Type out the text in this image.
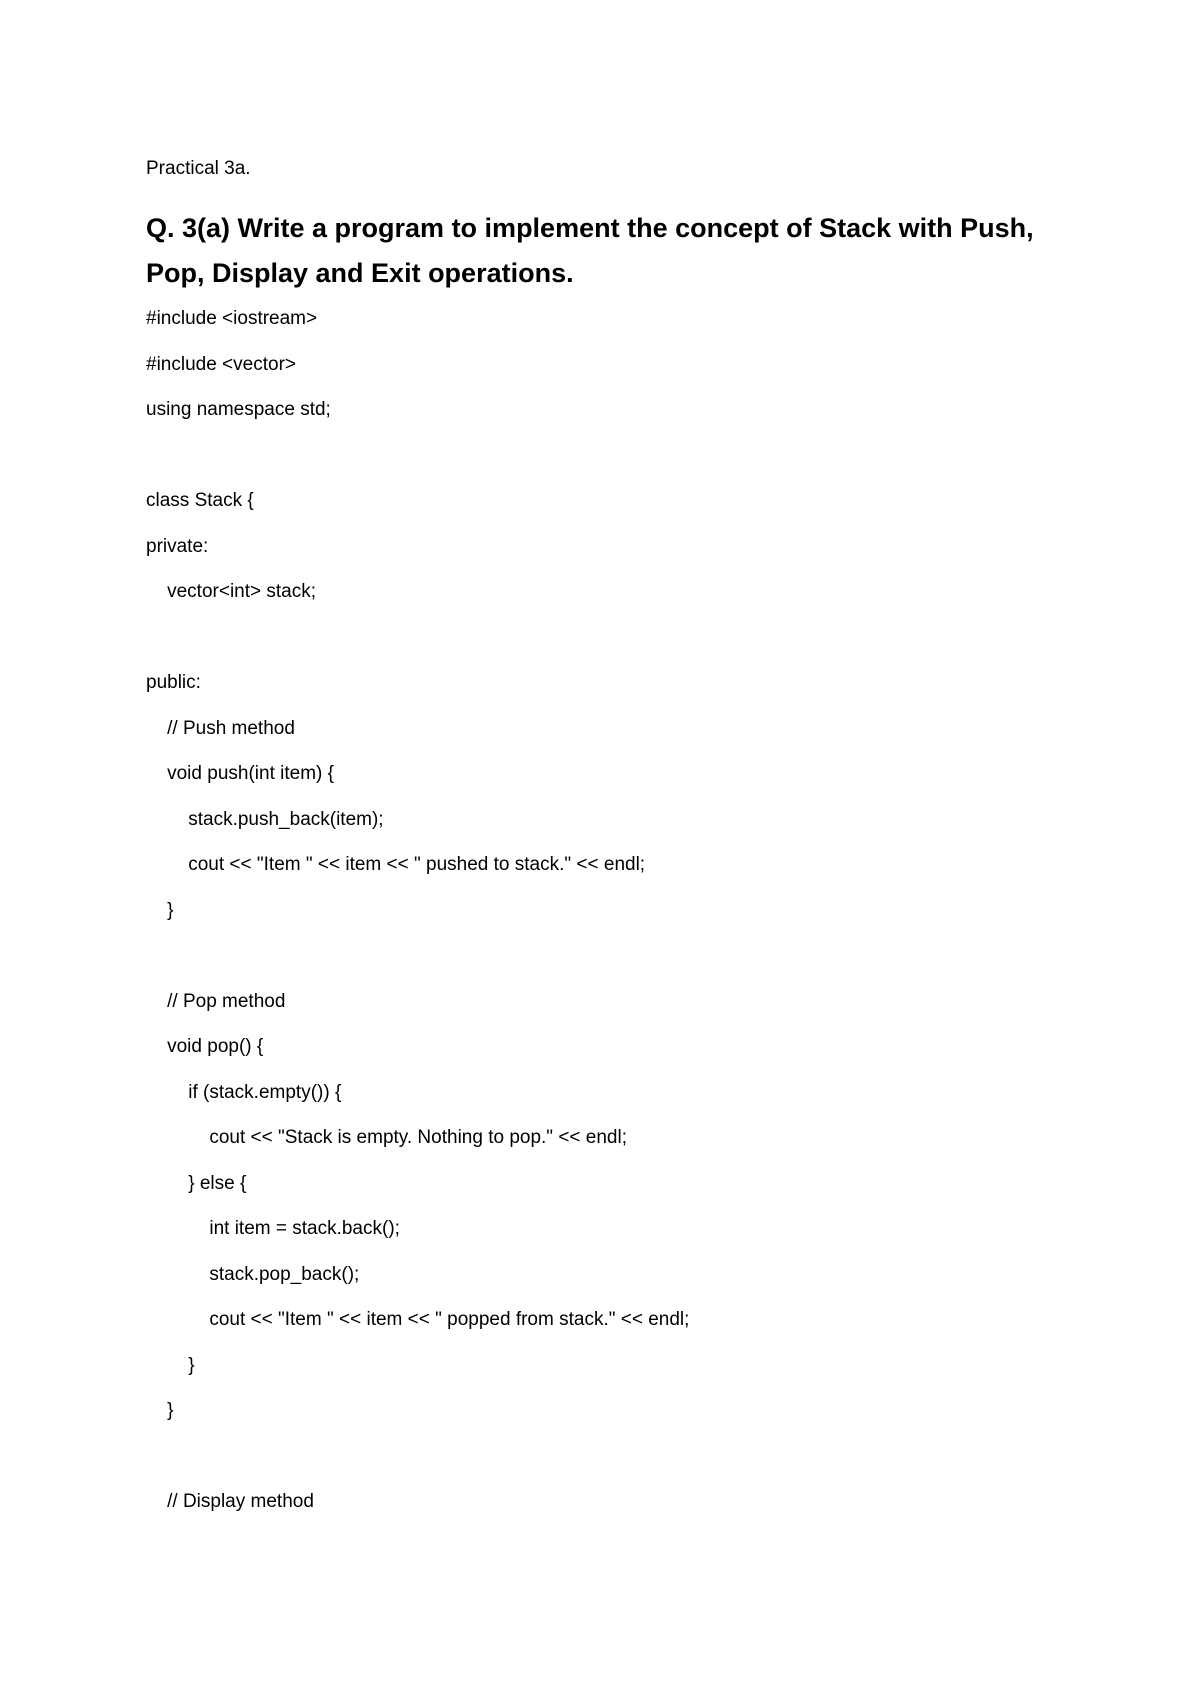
Practical 3a.
Q. 3(a) Write a program to implement the concept of Stack with Push, Pop, Display and Exit operations.
#include <iostream>
#include <vector>
using namespace std;
class Stack {
private:
vector<int> stack;
public:
// Push method
void push(int item) {
stack.push_back(item);
cout << "Item " << item << " pushed to stack." << endl;
}
// Pop method
void pop() {
if (stack.empty()) {
cout << "Stack is empty. Nothing to pop." << endl;
} else {
int item = stack.back();
stack.pop_back();
cout << "Item " << item << " popped from stack." << endl;
}
}
// Display method
